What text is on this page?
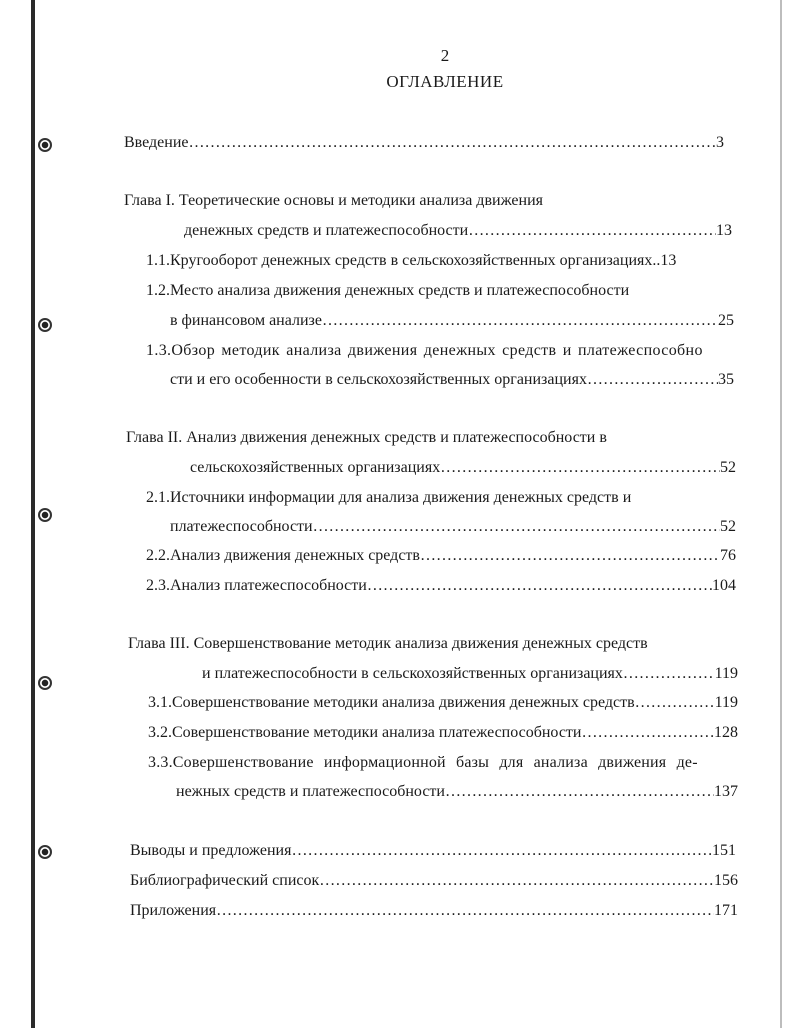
2
ОГЛАВЛЕНИЕ
Введение …………………………………………………………………………………………………………………………………………………………………	3
Глава I. Теоретические основы и методики анализа движения
денежных средств и платежеспособности …………………………………………………………………………………………………………………………………………………………………	13
1.1.Кругооборот денежных средств в сельскохозяйственных организациях.. 13
1.2.Место анализа движения денежных средств и платежеспособности
в финансовом анализе …………………………………………………………………………………………………………………………………………………………………	25
1.3.Обзор методик анализа движения денежных средств и платежеспособно
сти и его особенности в сельскохозяйственных организациях …………………………………………………………………………………………………………………………………………………………………	35
Глава II. Анализ движения денежных средств и платежеспособности в
сельскохозяйственных организациях …………………………………………………………………………………………………………………………………………………………………	52
2.1.Источники информации для анализа движения денежных средств и
платежеспособности …………………………………………………………………………………………………………………………………………………………………	52
2.2.Анализ движения денежных средств …………………………………………………………………………………………………………………………………………………………………	76
2.3.Анализ платежеспособности …………………………………………………………………………………………………………………………………………………………………	104
Глава III. Совершенствование методик анализа движения денежных средств
и платежеспособности в сельскохозяйственных организациях …………………………………………………………………………………………………………………………………………………………………	119
3.1.Совершенствование методики анализа движения денежных средств …………………………………………………………………………………………………………………………………………………………………	119
3.2.Совершенствование методики анализа платежеспособности …………………………………………………………………………………………………………………………………………………………………	128
3.3.Совершенствование информационной базы для анализа движения де-
нежных средств и платежеспособности …………………………………………………………………………………………………………………………………………………………………	137
Выводы и предложения …………………………………………………………………………………………………………………………………………………………………	151
Библиографический список …………………………………………………………………………………………………………………………………………………………………	156
Приложения …………………………………………………………………………………………………………………………………………………………………	171
